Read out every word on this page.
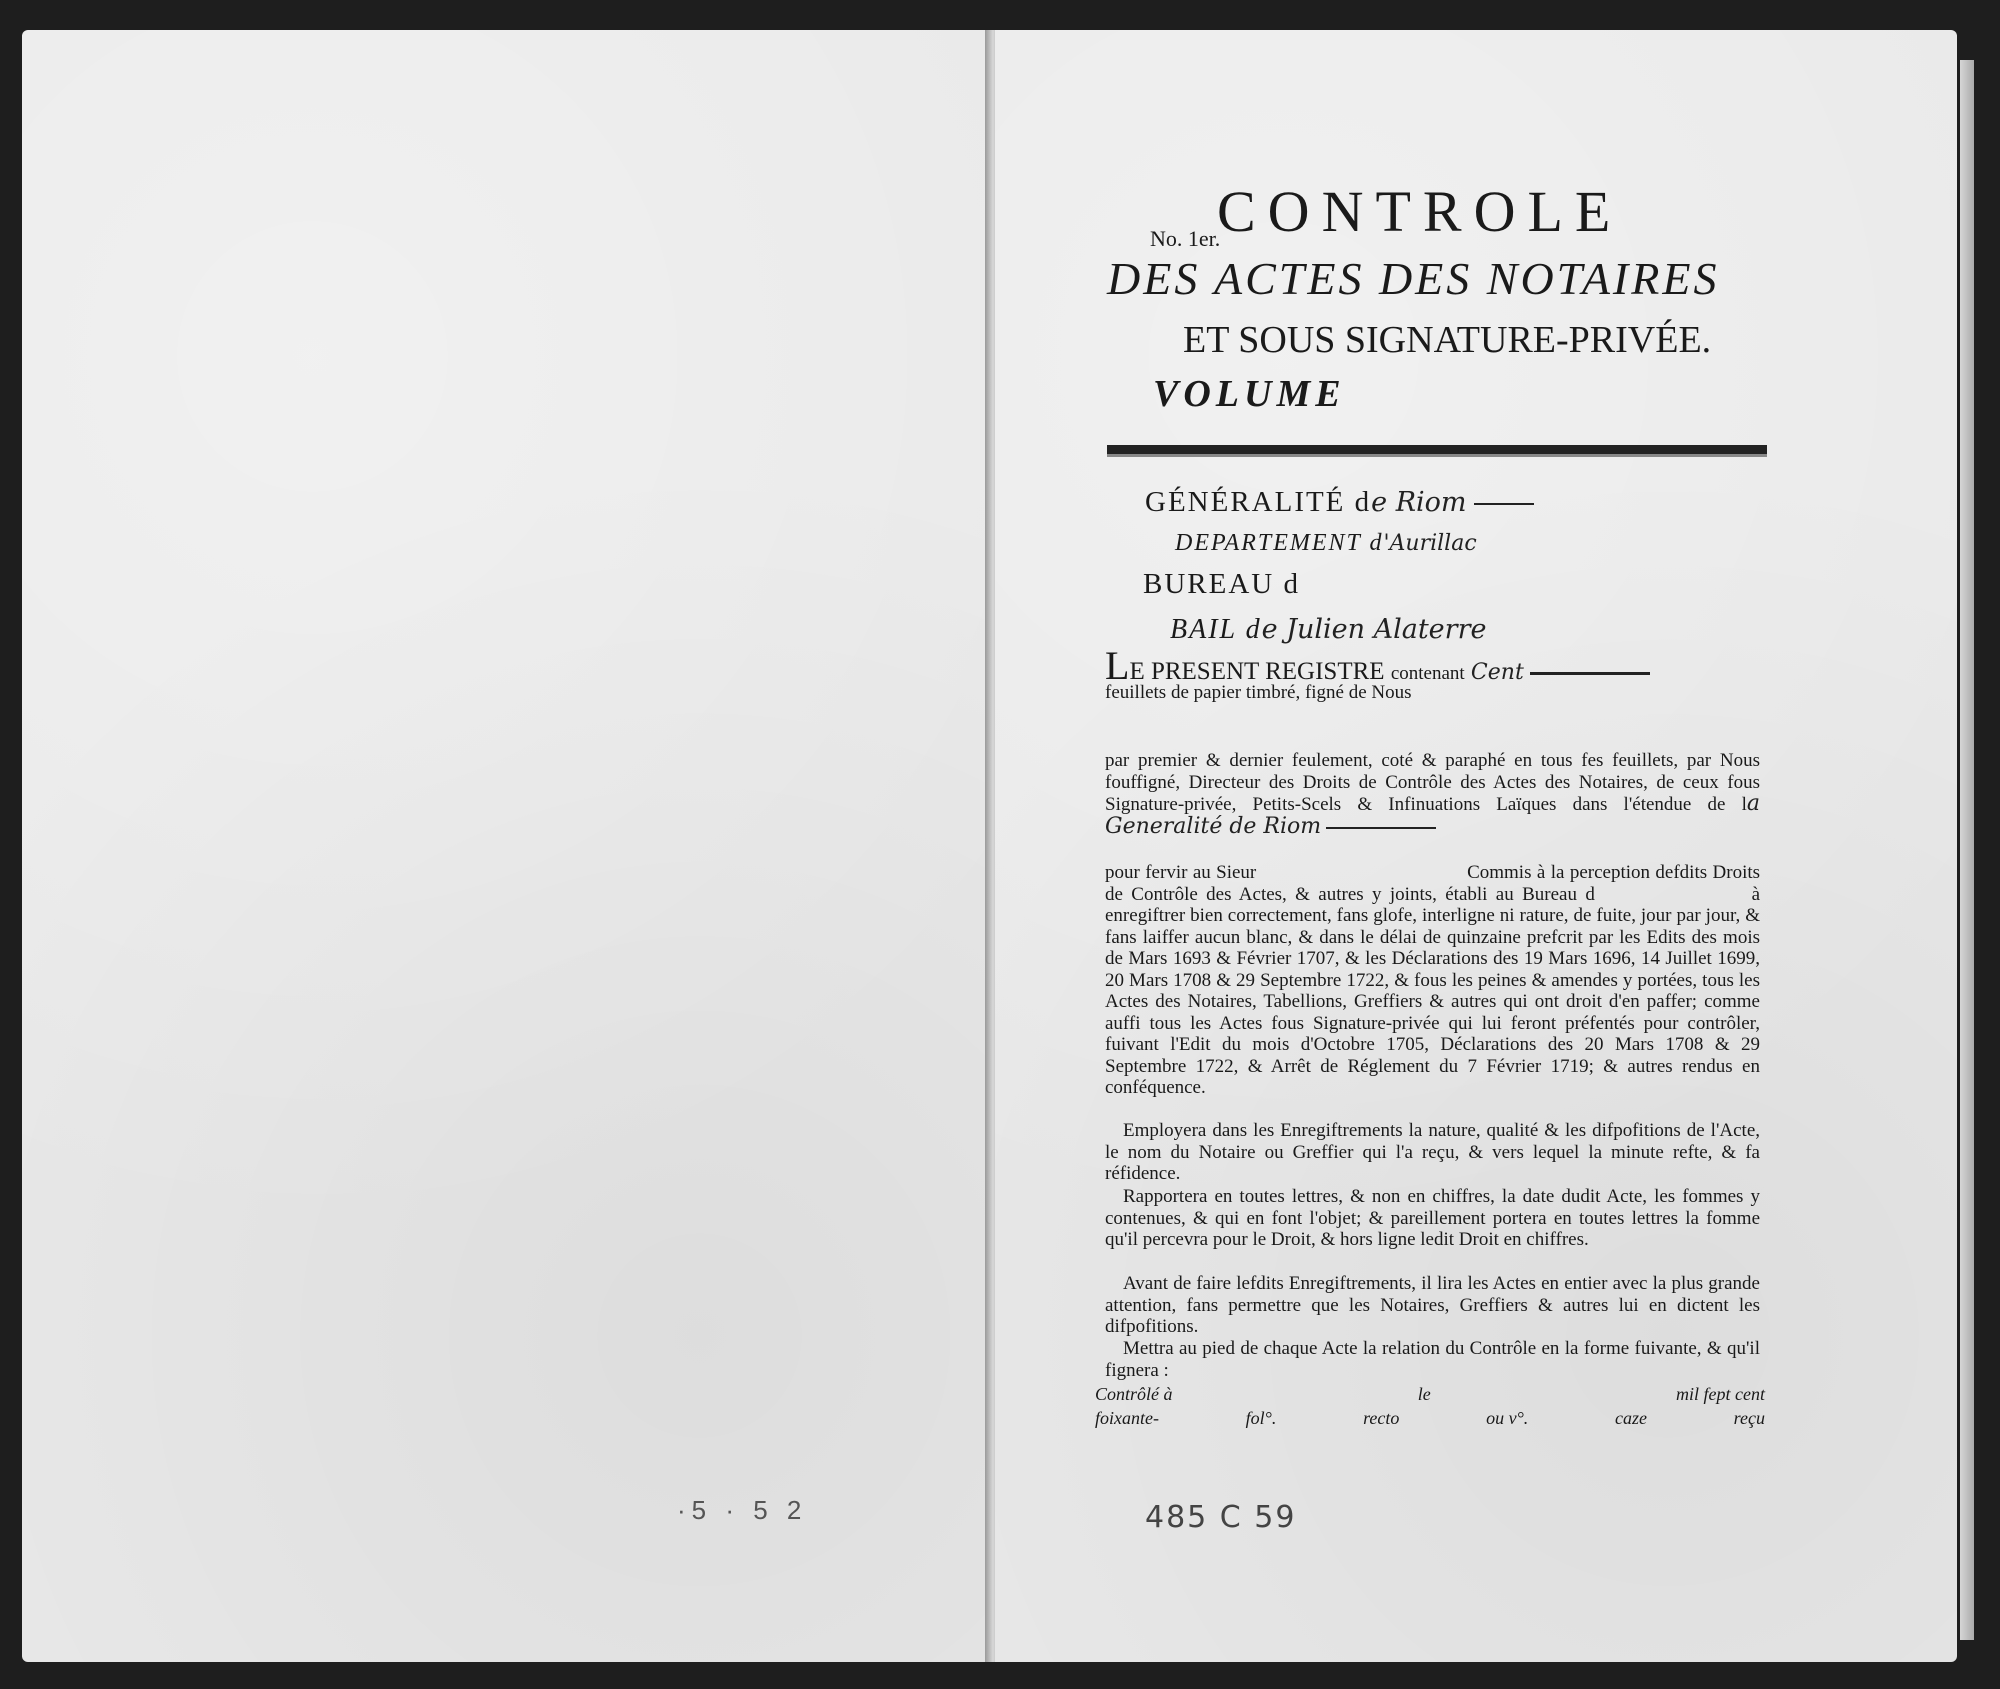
·5 · 5 2
No. 1er.
CONTROLE
DES ACTES DES NOTAIRES
ET SOUS SIGNATURE-PRIVÉE.
VOLUME
GÉNÉRALITÉ de Riom
DEPARTEMENT d'Aurillac
BUREAU d
BAIL de Julien Alaterre
LE PRESENT REGISTRE contenant Cent
feuillets de papier timbré, figné de Nous

par premier & dernier feulement, coté & paraphé en tous fes feuillets, par Nous fouffigné, Directeur des Droits de Contrôle des Actes des Notaires, de ceux fous Signature-privée, Petits-Scels & Infinuations Laïques dans l'étendue de la Generalité de Riom

pour fervir au Sieur	Commis à la perception defdits Droits de Contrôle des Actes, & autres y joints, établi au Bureau d	à enregiftrer bien correctement, fans glofe, interligne ni rature, de fuite, jour par jour, & fans laiffer aucun blanc, & dans le délai de quinzaine prefcrit par les Edits des mois de Mars 1693 & Février 1707, & les Déclarations des 19 Mars 1696, 14 Juillet 1699, 20 Mars 1708 & 29 Septembre 1722, & fous les peines & amendes y portées, tous les Actes des Notaires, Tabellions, Greffiers & autres qui ont droit d'en paffer; comme auffi tous les Actes fous Signature-privée qui lui feront préfentés pour contrôler, fuivant l'Edit du mois d'Octobre 1705, Déclarations des 20 Mars 1708 & 29 Septembre 1722, & Arrêt de Réglement du 7 Février 1719; & autres rendus en conféquence.

Employera dans les Enregiftrements la nature, qualité & les difpofitions de l'Acte, le nom du Notaire ou Greffier qui l'a reçu, & vers lequel la minute refte, & fa réfidence.

Rapportera en toutes lettres, & non en chiffres, la date dudit Acte, les fommes y contenues, & qui en font l'objet; & pareillement portera en toutes lettres la fomme qu'il percevra pour le Droit, & hors ligne ledit Droit en chiffres.

Avant de faire lefdits Enregiftrements, il lira les Actes en entier avec la plus grande attention, fans permettre que les Notaires, Greffiers & autres lui en dictent les difpofitions.

Mettra au pied de chaque Acte la relation du Contrôle en la forme fuivante, & qu'il fignera :

Contrôlé à	le	mil fept cent
foixante-	fol°.	recto	ou v°.	caze	reçu
485 C 59
